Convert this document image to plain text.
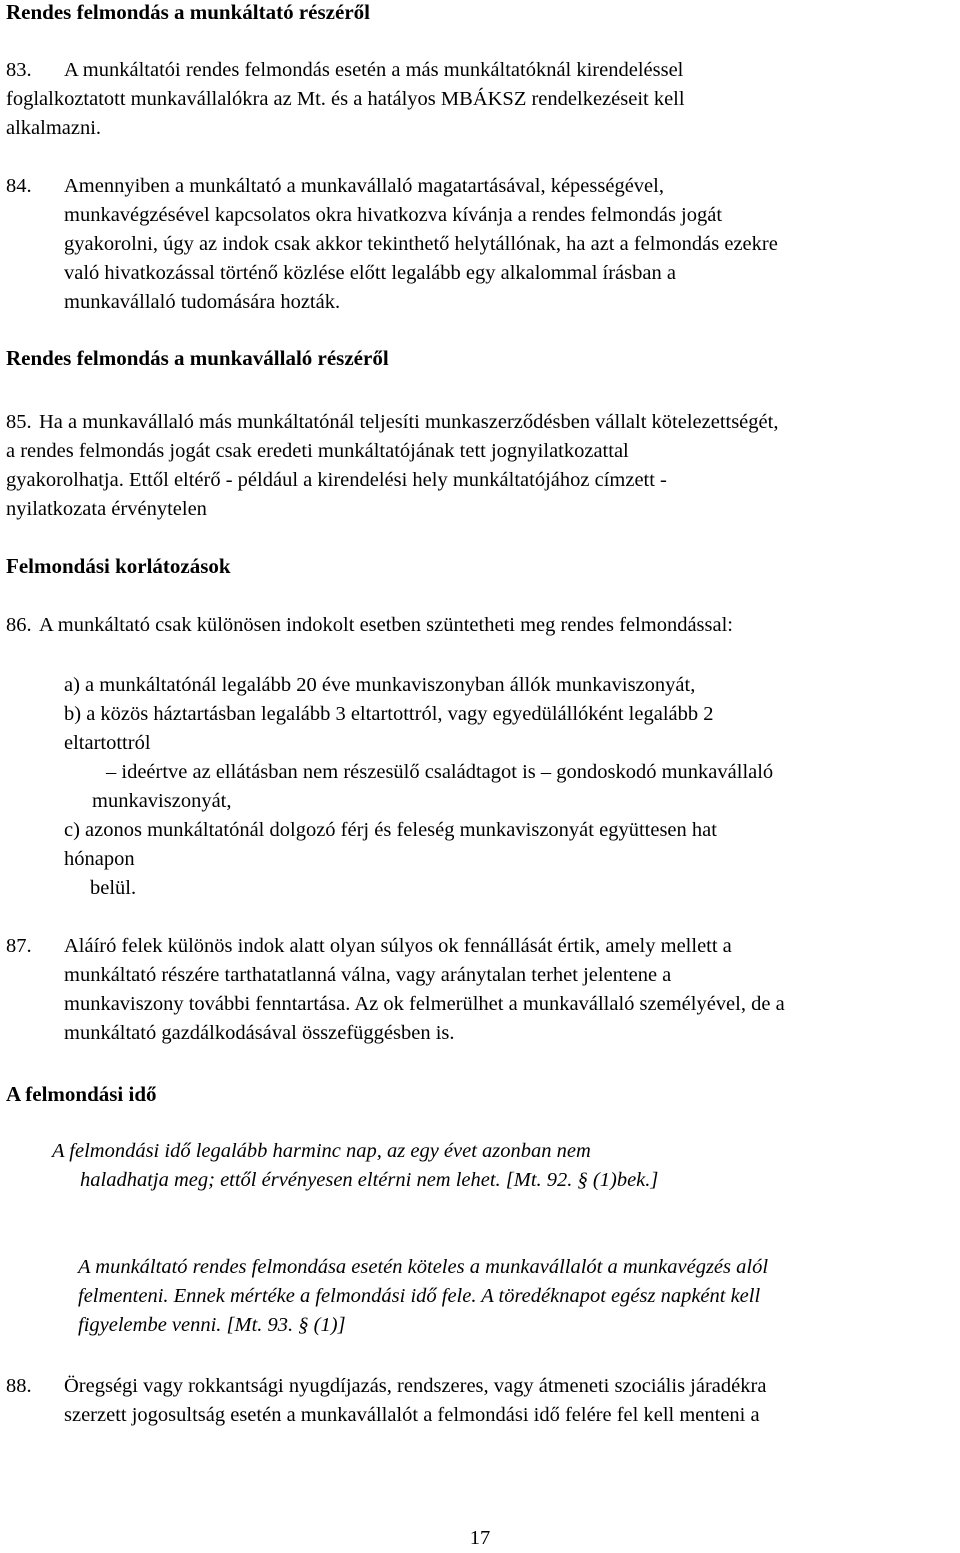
Rendes felmondás a munkáltató részéről
83.	A munkáltatói rendes felmondás esetén a más munkáltatóknál kirendeléssel
foglalkoztatott munkavállalókra az Mt. és a hatályos MBÁKSZ rendelkezéseit kell
alkalmazni.
84.	Amennyiben a munkáltató a munkavállaló magatartásával, képességével,
munkavégzésével kapcsolatos okra hivatkozva kívánja a rendes felmondás jogát
gyakorolni, úgy az indok csak akkor tekinthető helytállónak, ha azt a felmondás ezekre
való hivatkozással történő közlése előtt legalább egy alkalommal írásban a
munkavállaló tudomására hozták.
Rendes felmondás a munkavállaló részéről
85. Ha a munkavállaló más munkáltatónál teljesíti munkaszerződésben vállalt kötelezettségét,
a rendes felmondás jogát csak eredeti munkáltatójának tett jognyilatkozattal
gyakorolhatja. Ettől eltérő - például a kirendelési hely munkáltatójához címzett -
nyilatkozata érvénytelen
Felmondási korlátozások
86. A munkáltató csak különösen indokolt esetben szüntetheti meg rendes felmondással:
a) a munkáltatónál legalább 20 éve munkaviszonyban állók munkaviszonyát,
b) a közös háztartásban legalább 3 eltartottról, vagy egyedülállóként legalább 2
eltartottról
– ideértve az ellátásban nem részesülő családtagot is – gondoskodó munkavállaló
munkaviszonyát,
c) azonos munkáltatónál dolgozó férj és feleség munkaviszonyát együttesen hat
hónapon
belül.
87.	Aláíró felek különös indok alatt olyan súlyos ok fennállását értik, amely mellett a
munkáltató részére tarthatatlanná válna, vagy aránytalan terhet jelentene a
munkaviszony további fenntartása. Az ok felmerülhet a munkavállaló személyével, de a
munkáltató gazdálkodásával összefüggésben is.
A felmondási idő
A felmondási idő legalább harminc nap, az egy évet azonban nem
haladhatja meg; ettől érvényesen eltérni nem lehet. [Mt. 92. § (1)bek.]
A munkáltató rendes felmondása esetén köteles a munkavállalót a munkavégzés alól
felmenteni. Ennek mértéke a felmondási idő fele. A töredéknapot egész napként kell
figyelembe venni. [Mt. 93. § (1)]
88.	Öregségi vagy rokkantsági nyugdíjazás, rendszeres, vagy átmeneti szociális járadékra
szerzett jogosultság esetén a munkavállalót a felmondási idő felére fel kell menteni a
17
